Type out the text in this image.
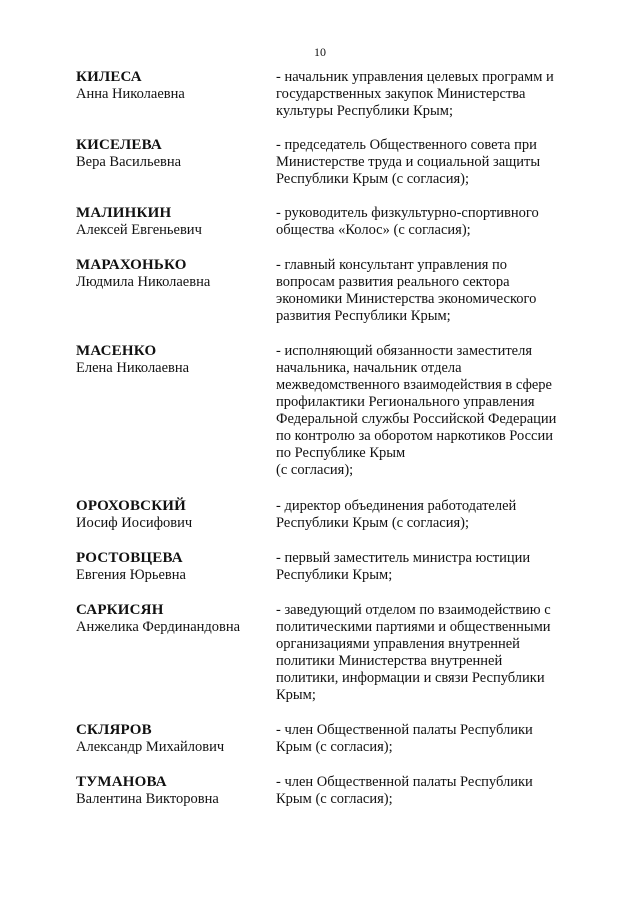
10
КИЛЕСА
Анна Николаевна
- начальник управления целевых программ и
государственных закупок Министерства
культуры Республики Крым;
КИСЕЛЕВА
Вера Васильевна
- председатель Общественного совета при
Министерстве труда и социальной защиты
Республики Крым (с согласия);
МАЛИНКИН
Алексей Евгеньевич
- руководитель физкультурно-спортивного
общества «Колос» (с согласия);
МАРАХОНЬКО
Людмила Николаевна
- главный консультант управления по
вопросам развития реального сектора
экономики Министерства экономического
развития Республики Крым;
МАСЕНКО
Елена Николаевна
- исполняющий обязанности заместителя
начальника, начальник отдела
межведомственного взаимодействия в сфере
профилактики Регионального управления
Федеральной службы Российской Федерации
по контролю за оборотом наркотиков России
по Республике Крым
(с согласия);
ОРОХОВСКИЙ
Иосиф Иосифович
- директор объединения работодателей
Республики Крым (с согласия);
РОСТОВЦЕВА
Евгения Юрьевна
- первый заместитель министра юстиции
Республики Крым;
САРКИСЯН
Анжелика Фердинандовна
- заведующий отделом по взаимодействию с
политическими партиями и общественными
организациями управления внутренней
политики Министерства внутренней
политики, информации и связи Республики
Крым;
СКЛЯРОВ
Александр Михайлович
- член Общественной палаты Республики
Крым (с согласия);
ТУМАНОВА
Валентина Викторовна
- член Общественной палаты Республики
Крым (с согласия);
